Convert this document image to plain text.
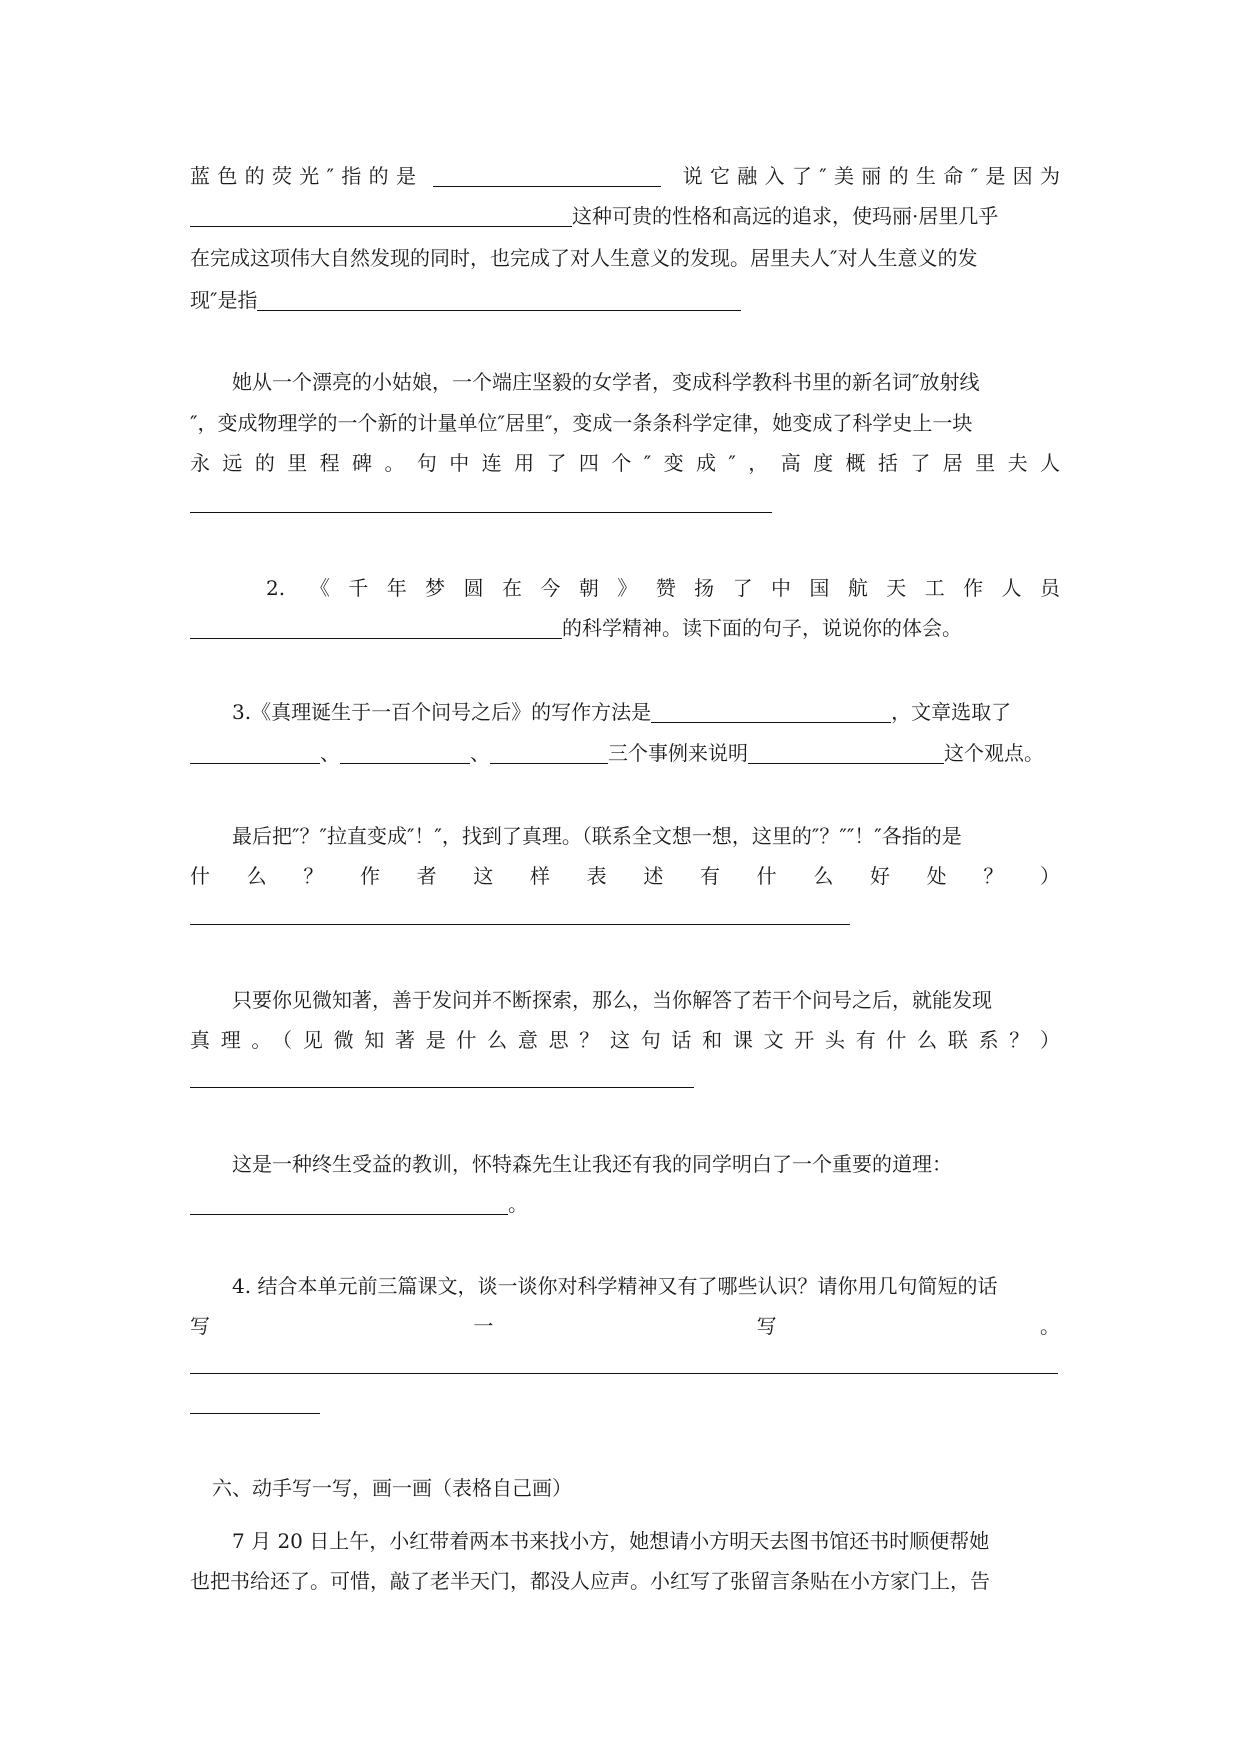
蓝色的荧光″指的是	说它融入了″美丽的生命″是因为
这种可贵的性格和高远的追求，使玛丽·居里几乎
在完成这项伟大自然发现的同时，也完成了对人生意义的发现。居里夫人″对人生意义的发
现″是指
她从一个漂亮的小姑娘，一个端庄坚毅的女学者，变成科学教科书里的新名词″放射线
″，变成物理学的一个新的计量单位″居里″，变成一条条科学定律，她变成了科学史上一块
永远的里程碑。句中连用了四个″变成″，高度概括了居里夫人
2. 《千年梦圆在今朝》赞扬了中国航天工作人员
的科学精神。读下面的句子，说说你的体会。
3.《真理诞生于一百个问号之后》的写作方法是	，文章选取了
、	、	三个事例来说明	这个观点。
最后把″？″拉直变成″！″，找到了真理。（联系全文想一想，这里的″？″″！″各指的是
什么？作者这样表述有什么好处？）
只要你见微知著，善于发问并不断探索，那么，当你解答了若干个问号之后，就能发现
真理。（见微知著是什么意思？这句话和课文开头有什么联系？）
这是一种终生受益的教训，怀特森先生让我还有我的同学明白了一个重要的道理：
。
4. 结合本单元前三篇课文，谈一谈你对科学精神又有了哪些认识？请你用几句简短的话
写一写。
六、动手写一写，画一画（表格自己画）
7 月 20 日上午，小红带着两本书来找小方，她想请小方明天去图书馆还书时顺便帮她
也把书给还了。可惜，敲了老半天门，都没人应声。小红写了张留言条贴在小方家门上，告
